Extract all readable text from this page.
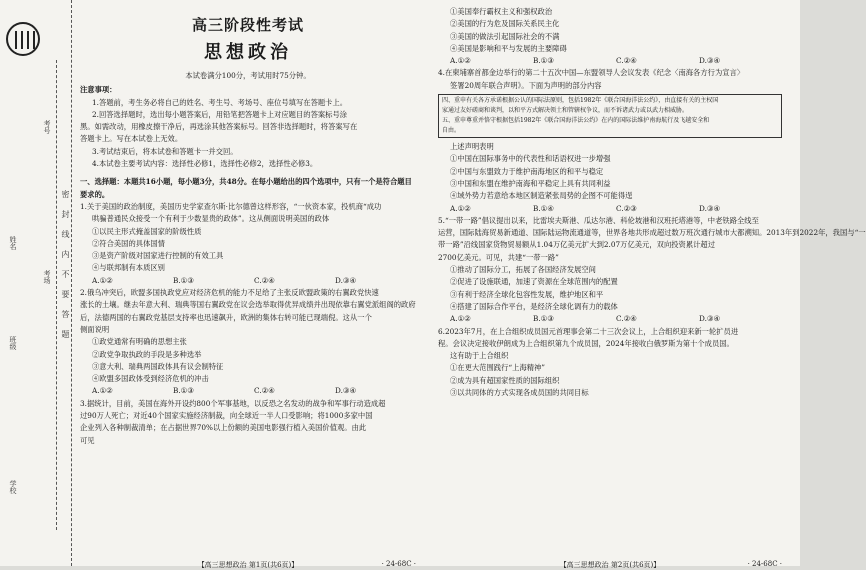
考号
姓名
班级
考场
学校
密封线内不要答题
高三阶段性考试
思想政治
本试卷满分100分，考试用时75分钟。
注意事项：
1.答题前，考生务必将自己的姓名、考生号、考场号、座位号填写在答题卡上。
2.回答选择题时，选出每小题答案后，用铅笔把答题卡上对应题目的答案标号涂
黑。如需改动，用橡皮擦干净后，再选涂其他答案标号。回答非选择题时，将答案写在
答题卡上。写在本试卷上无效。
3.考试结束后，将本试卷和答题卡一并交回。
4.本试卷主要考试内容：选择性必修1，选择性必修2，选择性必修3。
一、选择题：本题共16小题，每小题3分，共48分。在每小题给出的四个选项中，只有一个是符合题目要求的。
1.关于美国的政治制度，美国历史学家查尔斯·比尔德曾这样形容，“一伙资本家，投机商“成功
哄骗普通民众接受一个有利于少数显贵的政体”。这从侧面说明美国的政体
①以民主形式掩盖国家的阶级性质
②符合美国的具体国情
③是资产阶级对国家进行控制的有效工具
④与联邦制有本质区别
A.①②	B.①③	C.②④	D.③④
2.俄乌冲突后，欧盟多国执政党应对经济危机的能力不足给了主张反欧盟政策的右翼政党快速
涨长的土壤。继去年意大利、瑞典等国右翼政党在议会选举取得优异成绩并出现依靠右翼党派组阁的政府
后，法德两国的右翼政党基层支持率也迅速飙升，欧洲的集体右转可能已现端倪。这从一个
侧面说明
①政党通常有明确的思想主张
②政党争取执政的手段是多种选举
③意大利、瑞典两国政体具有议会制特征
④欧盟多国政体受到经济危机的冲击
A.①②	B.①③	C.②④	D.③④
3.据统计，目前，美国在海外开设约800个军事基地，以反恐之名发动的战争和军事行动造成超
过90万人死亡；对近40个国家实施经济制裁，向全球近一半人口受影响；将1000多家中国
企业列入各种制裁清单；在占据世界70%以上份额的美国电影强行植入美国价值观。由此
可见
【高三思想政治 第1页(共6页)】	· 24-68C ·
①美国奉行霸权主义和强权政治
②美国的行为危及国际关系民主化
③美国的做法引起国际社会的不满
④美国是影响和平与发展的主要障碍
A.①②	B.①③	C.②④	D.③④
4.在柬埔寨首都金边举行的第二十五次中国—东盟领导人会议发表《纪念〈南海各方行为宣言〉
签署20周年联合声明》。下面为声明的部分内容
四、重申有关各方承诺根据公认的国际法原则，包括1982年《联合国海洋法公约》，由直接有关的主权国
家通过友好磋商和谈判，以和平方式解决领土和管辖权争议，而不诉诸武力或以武力相威胁。
五、重申尊重并恪守根据包括1982年《联合国海洋法公约》在内的国际法维护南海航行及飞越安全和
自由。
上述声明表明
①中国在国际事务中的代表性和话语权进一步增强
②中国与东盟致力于维护南海地区的和平与稳定
③中国和东盟在维护南海和平稳定上具有共同利益
④域外势力若意给本地区制造紧张局势的企图不可能得逞
A.①②	B.①④	C.②③	D.③④
5.“一带一路”倡议提出以来，比雷埃夫斯港、瓜达尔港、科伦坡港和汉班托塔港等，中老铁路全线至
运营，国际陆海贸易新通道、国际陆运物流通道等，世界各地共形成超过数万班次通行城市大都溯知。2013年到2022年，我国与“一
带一路”沿线国家货物贸易额从1.04万亿美元扩大到2.07万亿美元，双向投资累计超过
2700亿美元。可见，共建“一带一路”
①推动了国际分工，拓展了各国经济发展空间
②促进了设施联通，加速了资源在全球范围内的配置
③有利于经济全球化包容性发展，维护地区和平
④搭建了国际合作平台，是经济全球化调有力的载体
A.①②	B.①③	C.②④	D.③④
6.2023年7月，在上合组织成员国元首理事会第二十三次会议上，上合组织迎来新一轮扩员进
程。会议决定接收伊朗成为上合组织第九个成员国，2024年接收白俄罗斯为第十个成员国。
这有助于上合组织
①在更大范围践行“上海精神”
②成为具有超国家性质的国际组织
③以共同体的方式实现各成员国的共同目标
【高三思想政治 第2页(共6页)】	· 24-68C ·
